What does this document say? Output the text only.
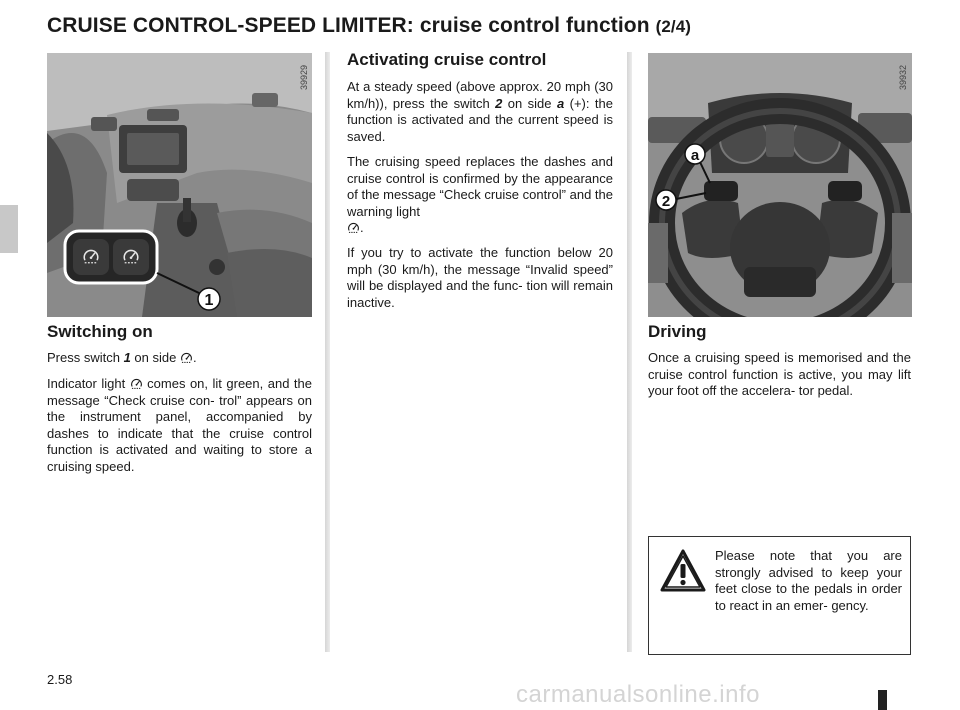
CRUISE CONTROL-SPEED LIMITER: cruise control function (2/4)
1
39929
a
2
39932
Switching on

Press switch 1 on side .

Indicator light  comes on, lit green, and the message “Check cruise con- trol” appears on the instrument panel, accompanied by dashes to indicate that the cruise control function is activated and waiting to store a cruising speed.

Activating cruise control

At a steady speed (above approx. 20 mph (30 km/h)), press the switch 2 on side a (+): the function is activated and the current speed is saved.

The cruising speed replaces the dashes and cruise control is confirmed by the appearance of the message “Check cruise control” and the warning light
.

If you try to activate the function below 20 mph (30 km/h), the message “Invalid speed” will be displayed and the func- tion will remain inactive.

Driving

Once a cruising speed is memorised and the cruise control function is active, you may lift your foot off the accelera- tor pedal.

Please note that you are strongly advised to keep your feet close to the pedals in order to react in an emer- gency.

2.58
carmanualsonline.info
